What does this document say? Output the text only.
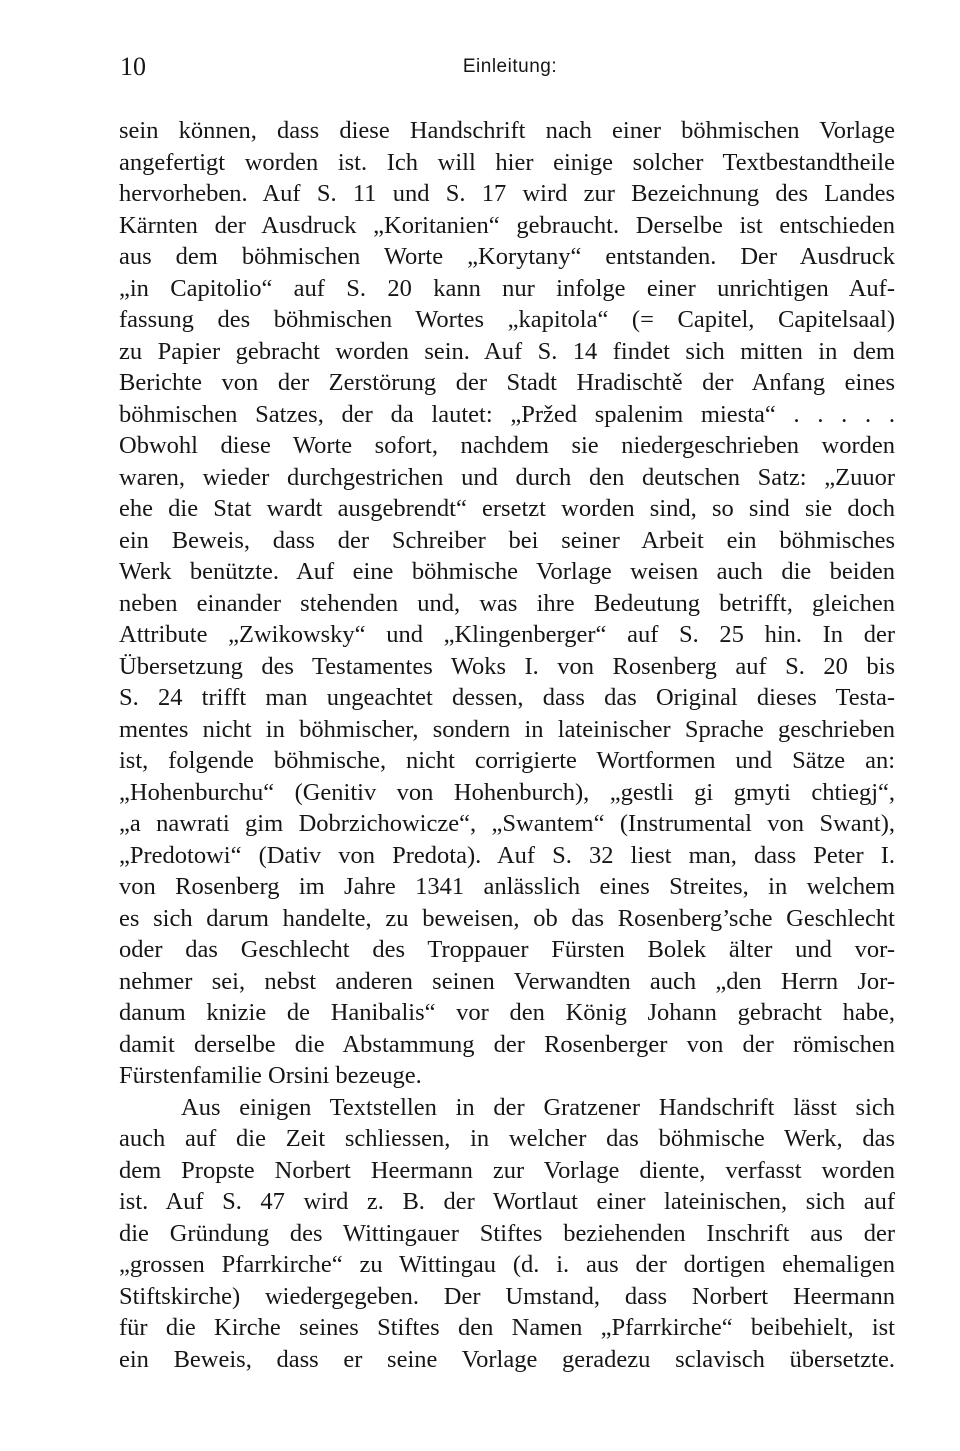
10	Einleitung:
sein können, dass diese Handschrift nach einer böhmischen Vorlage
angefertigt worden ist. Ich will hier einige solcher Textbestandtheile
hervorheben. Auf S. 11 und S. 17 wird zur Bezeichnung des Landes
Kärnten der Ausdruck „Koritanien“ gebraucht. Derselbe ist entschieden
aus dem böhmischen Worte „Korytany“ entstanden. Der Ausdruck
„in Capitolio“ auf S. 20 kann nur infolge einer unrichtigen Auf-
fassung des böhmischen Wortes „kapitola“ (= Capitel, Capitelsaal)
zu Papier gebracht worden sein. Auf S. 14 findet sich mitten in dem
Berichte von der Zerstörung der Stadt Hradischtě der Anfang eines
böhmischen Satzes, der da lautet: „Pržed spalenim miesta“ . . . . .
Obwohl diese Worte sofort, nachdem sie niedergeschrieben worden
waren, wieder durchgestrichen und durch den deutschen Satz: „Zuuor
ehe die Stat wardt ausgebrendt“ ersetzt worden sind, so sind sie doch
ein Beweis, dass der Schreiber bei seiner Arbeit ein böhmisches
Werk benützte. Auf eine böhmische Vorlage weisen auch die beiden
neben einander stehenden und, was ihre Bedeutung betrifft, gleichen
Attribute „Zwikowsky“ und „Klingenberger“ auf S. 25 hin. In der
Übersetzung des Testamentes Woks I. von Rosenberg auf S. 20 bis
S. 24 trifft man ungeachtet dessen, dass das Original dieses Testa-
mentes nicht in böhmischer, sondern in lateinischer Sprache geschrieben
ist, folgende böhmische, nicht corrigierte Wortformen und Sätze an:
„Hohenburchu“ (Genitiv von Hohenburch), „gestli gi gmyti chtiegj“,
„a nawrati gim Dobrzichowicze“, „Swantem“ (Instrumental von Swant),
„Predotowi“ (Dativ von Predota). Auf S. 32 liest man, dass Peter I.
von Rosenberg im Jahre 1341 anlässlich eines Streites, in welchem
es sich darum handelte, zu beweisen, ob das Rosenberg’sche Geschlecht
oder das Geschlecht des Troppauer Fürsten Bolek älter und vor-
nehmer sei, nebst anderen seinen Verwandten auch „den Herrn Jor-
danum knizie de Hanibalis“ vor den König Johann gebracht habe,
damit derselbe die Abstammung der Rosenberger von der römischen
Fürstenfamilie Orsini bezeuge.
Aus einigen Textstellen in der Gratzener Handschrift lässt sich
auch auf die Zeit schliessen, in welcher das böhmische Werk, das
dem Propste Norbert Heermann zur Vorlage diente, verfasst worden
ist. Auf S. 47 wird z. B. der Wortlaut einer lateinischen, sich auf
die Gründung des Wittingauer Stiftes beziehenden Inschrift aus der
„grossen Pfarrkirche“ zu Wittingau (d. i. aus der dortigen ehemaligen
Stiftskirche) wiedergegeben. Der Umstand, dass Norbert Heermann
für die Kirche seines Stiftes den Namen „Pfarrkirche“ beibehielt, ist
ein Beweis, dass er seine Vorlage geradezu sclavisch übersetzte.
